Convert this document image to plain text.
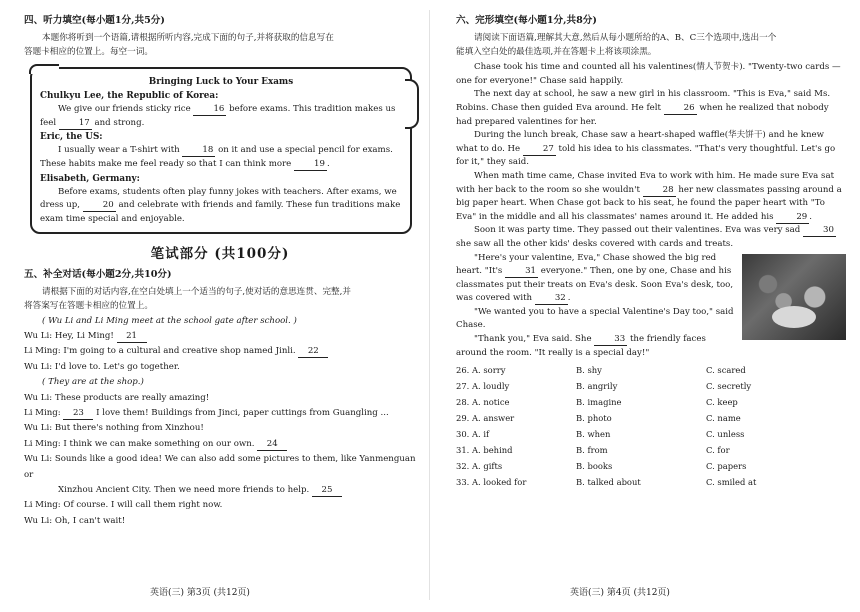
四、听力填空(每小题1分,共5分)

本题你将听到一个语篇,请根据所听内容,完成下面的句子,并将获取的信息写在

答题卡相应的位置上。每空一词。

Bringing Luck to Your Exams
Chulkyu Lee, the Republic of Korea:

We give our friends sticky rice	16 before exams. This tradition makes us feel	17 and strong.

Eric, the US:

I usually wear a T-shirt with	18 on it and use a special pencil for exams. These habits make me feel ready so that I can think more	19 .

Elisabeth, Germany:

Before exams, students often play funny jokes with teachers. After exams, we dress up,	20 and celebrate with friends and family. These fun traditions make exam time special and enjoyable.

笔试部分 (共100分)
五、补全对话(每小题2分,共10分)

请根据下面的对话内容,在空白处填上一个适当的句子,使对话的意思连贯、完整,并

将答案写在答题卡相应的位置上。

( Wu Li and Li Ming meet at the school gate after school. )

Wu Li: Hey, Li Ming! 21

Li Ming: I'm going to a cultural and creative shop named Jinli. 22

Wu Li: I'd love to. Let's go together.

( They are at the shop.)

Wu Li: These products are really amazing!

Li Ming: 23 I love them! Buildings from Jinci, paper cuttings from Guangling ...

Wu Li: But there's nothing from Xinzhou!

Li Ming: I think we can make something on our own. 24

Wu Li: Sounds like a good idea! We can also add some pictures to them, like Yanmenguan or

Xinzhou Ancient City. Then we need more friends to help. 25

Li Ming: Of course. I will call them right now.

Wu Li: Oh, I can't wait!

英语(三) 第3页 (共12页)
六、完形填空(每小题1分,共8分)

请阅读下面语篇,理解其大意,然后从每小题所给的A、B、C三个选项中,选出一个

能填入空白处的最佳选项,并在答题卡上将该项涂黑。

Chase took his time and counted all his valentines(情人节贺卡). "Twenty-two cards — one for everyone!" Chase said happily.

The next day at school, he saw a new girl in his classroom. "This is Eva," said Ms. Robins. Chase then guided Eva around. He felt	26 when he realized that nobody had prepared valentines for her.

During the lunch break, Chase saw a heart-shaped waffle(华夫饼干) and he knew what to do. He	27 told his idea to his classmates. "That's very thoughtful. Let's go for it," they said.

When math time came, Chase invited Eva to work with him. He made sure Eva sat with her back to the room so she wouldn't	28 her new classmates passing around a big paper heart. When Chase got back to his seat, he found the paper heart with "To Eva" in the middle and all his classmates' names around it. He added his	29 .

Soon it was party time. They passed out their valentines. Eva was very sad	30 she saw all the other kids' desks covered with cards and treats.

"Here's your valentine, Eva," Chase showed the big red heart. "It's	31 everyone." Then, one by one, Chase and his classmates put their treats on Eva's desk. Soon Eva's desk, too, was covered with	32 .

"We wanted you to have a special Valentine's Day too," said Chase.

"Thank you," Eva said. She	33 the friendly faces around the room. "It really is a special day!"

26. A. sorry	B. shy	C. scared
27. A. loudly	B. angrily	C. secretly
28. A. notice	B. imagine	C. keep
29. A. answer	B. photo	C. name
30. A. if	B. when	C. unless
31. A. behind	B. from	C. for
32. A. gifts	B. books	C. papers
33. A. looked for	B. talked about	C. smiled at
英语(三) 第4页 (共12页)
